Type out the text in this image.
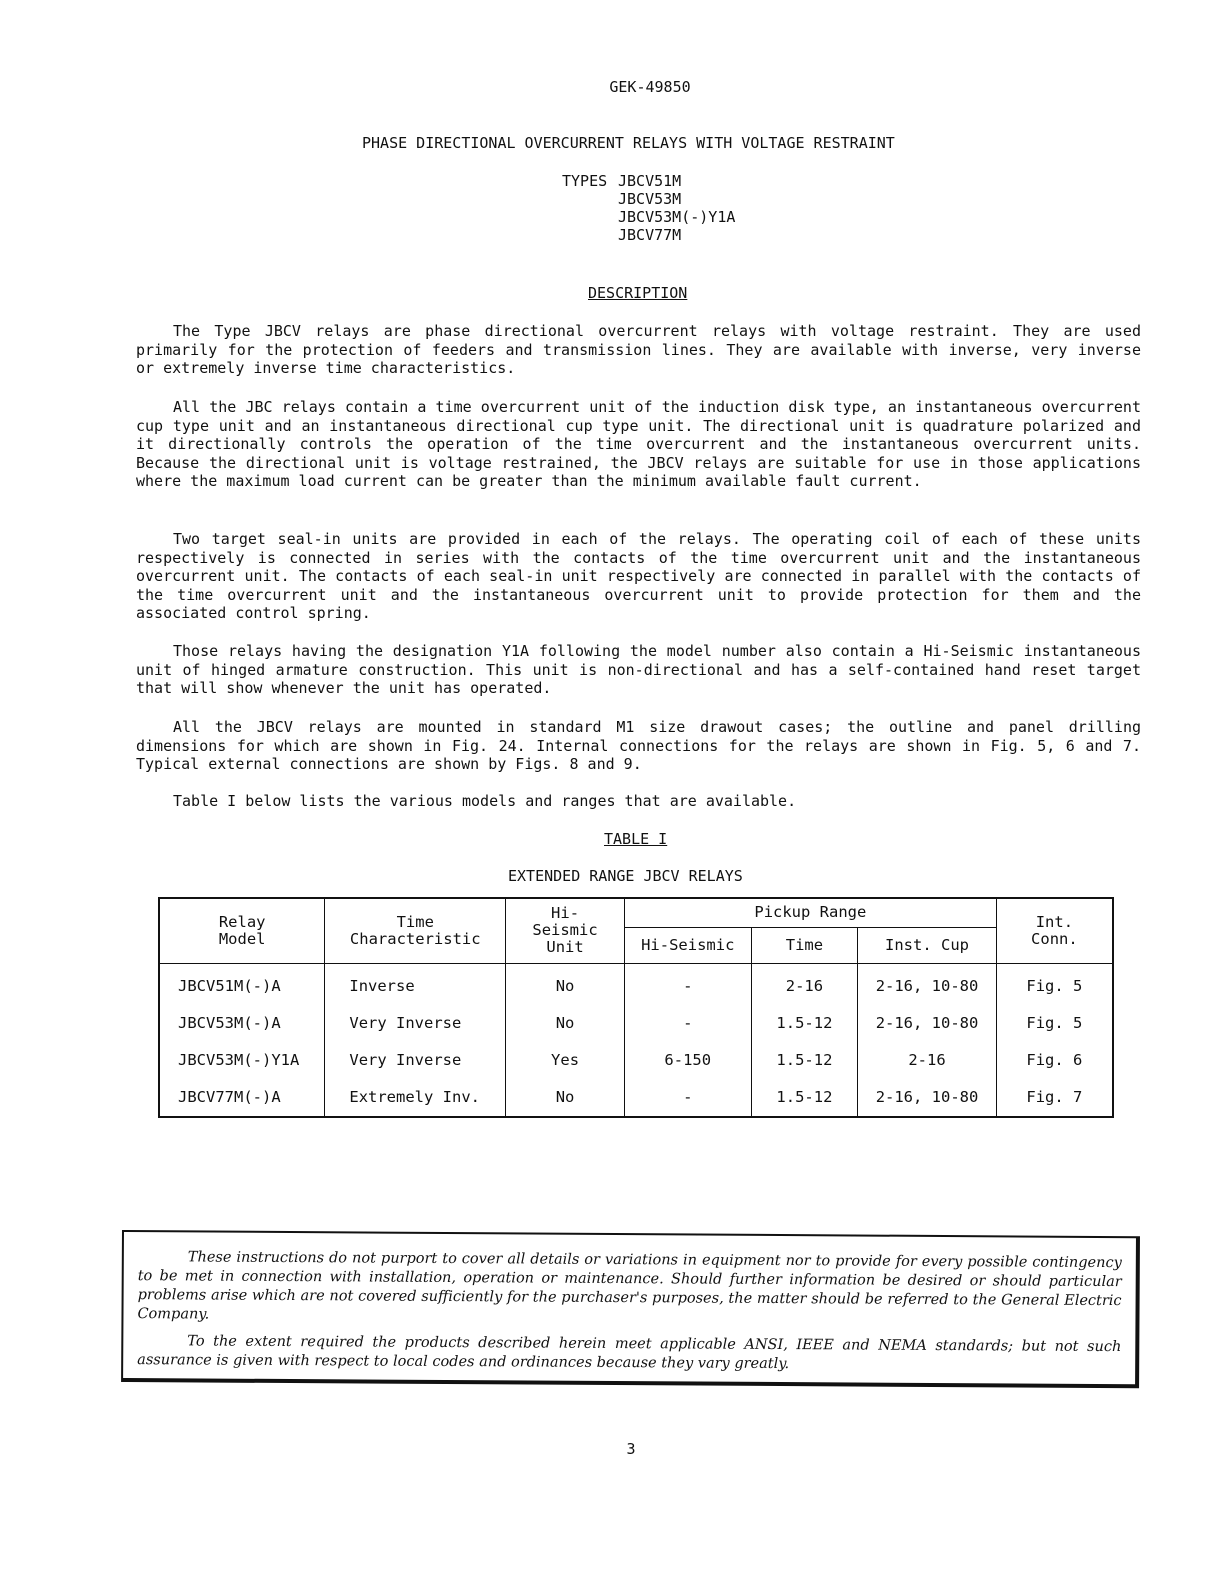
GEK-49850
PHASE DIRECTIONAL OVERCURRENT RELAYS WITH VOLTAGE RESTRAINT
TYPES JBCV51M
JBCV53M
JBCV53M(-)Y1A
JBCV77M
DESCRIPTION

The Type JBCV relays are phase directional overcurrent relays with voltage restraint. They are used primarily for the protection of feeders and transmission lines. They are available with inverse, very inverse or extremely inverse time characteristics.

All the JBC relays contain a time overcurrent unit of the induction disk type, an instantaneous overcurrent cup type unit and an instantaneous directional cup type unit. The directional unit is quadrature polarized and it directionally controls the operation of the time overcurrent and the instantaneous overcurrent units. Because the directional unit is voltage restrained, the JBCV relays are suitable for use in those applications where the maximum load current can be greater than the minimum available fault current.

Two target seal-in units are provided in each of the relays. The operating coil of each of these units respectively is connected in series with the contacts of the time overcurrent unit and the instantaneous overcurrent unit. The contacts of each seal-in unit respectively are connected in parallel with the contacts of the time overcurrent unit and the instantaneous overcurrent unit to provide protection for them and the associated control spring.

Those relays having the designation Y1A following the model number also contain a Hi-Seismic instantaneous unit of hinged armature construction. This unit is non-directional and has a self-contained hand reset target that will show whenever the unit has operated.

All the JBCV relays are mounted in standard M1 size drawout cases; the outline and panel drilling dimensions for which are shown in Fig. 24. Internal connections for the relays are shown in Fig. 5, 6 and 7. Typical external connections are shown by Figs. 8 and 9.

Table I below lists the various models and ranges that are available.

TABLE I
EXTENDED RANGE JBCV RELAYS
Relay Model	Time Characteristic	Hi- Seismic Unit	Pickup Range			Int. Conn.

			Hi-Seismic	Time	Inst. Cup	
JBCV51M(-)A	Inverse	No	-	2-16	2-16, 10-80	Fig. 5
JBCV53M(-)A	Very Inverse	No	-	1.5-12	2-16, 10-80	Fig. 5
JBCV53M(-)Y1A	Very Inverse	Yes	6-150	1.5-12	2-16	Fig. 6
JBCV77M(-)A	Extremely Inv.	No	-	1.5-12	2-16, 10-80	Fig. 7

These instructions do not purport to cover all details or variations in equipment nor to provide for every possible contingency to be met in connection with installation, operation or maintenance. Should further information be desired or should particular problems arise which are not covered sufficiently for the purchaser's purposes, the matter should be referred to the General Electric Company.

To the extent required the products described herein meet applicable ANSI, IEEE and NEMA standards; but not such assurance is given with respect to local codes and ordinances because they vary greatly.

3
